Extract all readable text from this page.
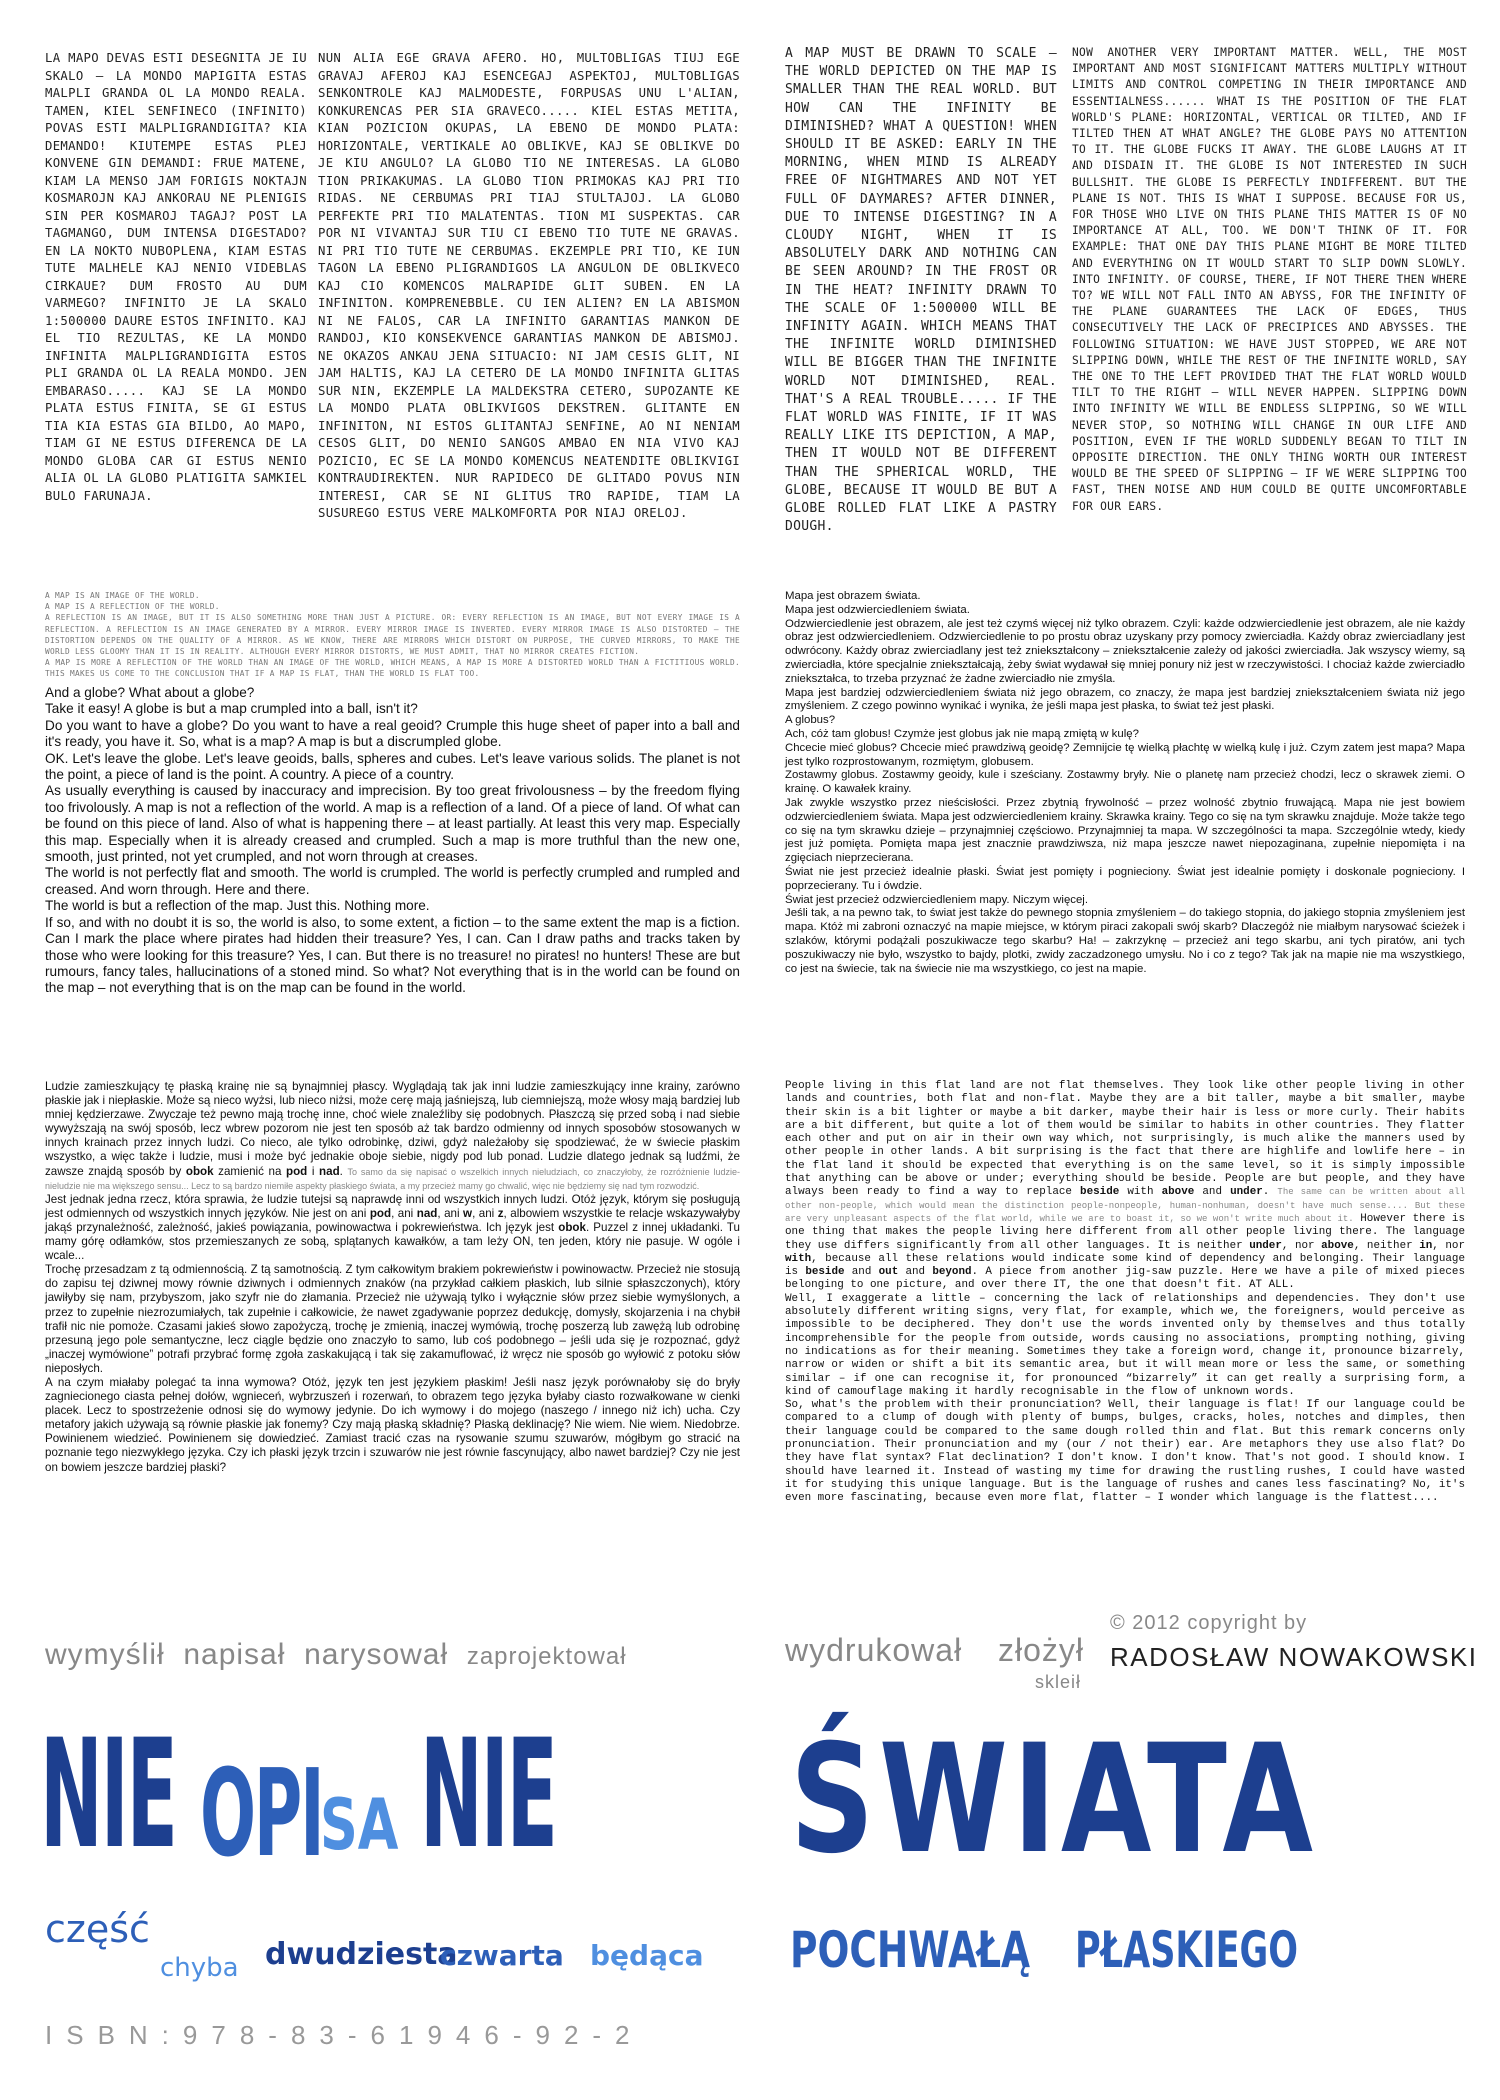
LA MAPO DEVAS ESTI DESEGNITA JE IU SKALO – LA MONDO MAPIGITA ESTAS MALPLI GRANDA OL LA MONDO REALA. TAMEN, KIEL SENFINECO (INFINITO) POVAS ESTI MALPLIGRANDIGITA? KIA DEMANDO! KIUTEMPE ESTAS PLEJ KONVENE GIN DEMANDI: FRUE MATENE, KIAM LA MENSO JAM FORIGIS NOKTAJN KOSMAROJN KAJ ANKORAU NE PLENIGIS SIN PER KOSMAROJ TAGAJ? POST LA TAGMANGO, DUM INTENSA DIGESTADO? EN LA NOKTO NUBOPLENA, KIAM ESTAS TUTE MALHELE KAJ NENIO VIDEBLAS CIRKAUE? DUM FROSTO AU DUM VARMEGO? INFINITO JE LA SKALO 1:500000 DAURE ESTOS INFINITO. KAJ EL TIO REZULTAS, KE LA MONDO INFINITA MALPLIGRANDIGITA ESTOS PLI GRANDA OL LA REALA MONDO. JEN EMBARASO..... KAJ SE LA MONDO PLATA ESTUS FINITA, SE GI ESTUS TIA KIA ESTAS GIA BILDO, AO MAPO, TIAM GI NE ESTUS DIFERENCA DE LA MONDO GLOBA CAR GI ESTUS NENIO ALIA OL LA GLOBO PLATIGITA SAMKIEL BULO FARUNAJA.

NUN ALIA EGE GRAVA AFERO. HO, MULTOBLIGAS TIUJ EGE GRAVAJ AFEROJ KAJ ESENCEGAJ ASPEKTOJ, MULTOBLIGAS SENKONTROLE KAJ MALMODESTE, FORPUSAS UNU L'ALIAN, KONKURENCAS PER SIA GRAVECO..... KIEL ESTAS METITA, KIAN POZICION OKUPAS, LA EBENO DE MONDO PLATA: HORIZONTALE, VERTIKALE AO OBLIKVE, KAJ SE OBLIKVE DO JE KIU ANGULO? LA GLOBO TIO NE INTERESAS. LA GLOBO TION PRIKAKUMAS. LA GLOBO TION PRIMOKAS KAJ PRI TIO RIDAS. NE CERBUMAS PRI TIAJ STULTAJOJ. LA GLOBO PERFEKTE PRI TIO MALATENTAS. TION MI SUSPEKTAS. CAR POR NI VIVANTAJ SUR TIU CI EBENO TIO TUTE NE GRAVAS. NI PRI TIO TUTE NE CERBUMAS. EKZEMPLE PRI TIO, KE IUN TAGON LA EBENO PLIGRANDIGOS LA ANGULON DE OBLIKVECO KAJ CIO KOMENCOS MALRAPIDE GLIT SUBEN. EN LA INFINITON. KOMPRENEBBLE. CU IEN ALIEN? EN LA ABISMON NI NE FALOS, CAR LA INFINITO GARANTIAS MANKON DE RANDOJ, KIO KONSEKVENCE GARANTIAS MANKON DE ABISMOJ. NE OKAZOS ANKAU JENA SITUACIO: NI JAM CESIS GLIT, NI JAM HALTIS, KAJ LA CETERO DE LA MONDO INFINITA GLITAS SUR NIN, EKZEMPLE LA MALDEKSTRA CETERO, SUPOZANTE KE LA MONDO PLATA OBLIKVIGOS DEKSTREN. GLITANTE EN INFINITON, NI ESTOS GLITANTAJ SENFINE, AO NI NENIAM CESOS GLIT, DO NENIO SANGOS AMBAO EN NIA VIVO KAJ POZICIO, EC SE LA MONDO KOMENCUS NEATENDITE OBLIKVIGI KONTRAUDIREKTEN. NUR RAPIDECO DE GLITADO POVUS NIN INTERESI, CAR SE NI GLITUS TRO RAPIDE, TIAM LA SUSUREGO ESTUS VERE MALKOMFORTA POR NIAJ ORELOJ.

A MAP MUST BE DRAWN TO SCALE – THE WORLD DEPICTED ON THE MAP IS SMALLER THAN THE REAL WORLD. BUT HOW CAN THE INFINITY BE DIMINISHED? WHAT A QUESTION! WHEN SHOULD IT BE ASKED: EARLY IN THE MORNING, WHEN MIND IS ALREADY FREE OF NIGHTMARES AND NOT YET FULL OF DAYMARES? AFTER DINNER, DUE TO INTENSE DIGESTING? IN A CLOUDY NIGHT, WHEN IT IS ABSOLUTELY DARK AND NOTHING CAN BE SEEN AROUND? IN THE FROST OR IN THE HEAT? INFINITY DRAWN TO THE SCALE OF 1:500000 WILL BE INFINITY AGAIN. WHICH MEANS THAT THE INFINITE WORLD DIMINISHED WILL BE BIGGER THAN THE INFINITE WORLD NOT DIMINISHED, REAL. THAT'S A REAL TROUBLE..... IF THE FLAT WORLD WAS FINITE, IF IT WAS REALLY LIKE ITS DEPICTION, A MAP, THEN IT WOULD NOT BE DIFFERENT THAN THE SPHERICAL WORLD, THE GLOBE, BECAUSE IT WOULD BE BUT A GLOBE ROLLED FLAT LIKE A PASTRY DOUGH.

NOW ANOTHER VERY IMPORTANT MATTER. WELL, THE MOST IMPORTANT AND MOST SIGNIFICANT MATTERS MULTIPLY WITHOUT LIMITS AND CONTROL COMPETING IN THEIR IMPORTANCE AND ESSENTIALNESS...... WHAT IS THE POSITION OF THE FLAT WORLD'S PLANE: HORIZONTAL, VERTICAL OR TILTED, AND IF TILTED THEN AT WHAT ANGLE? THE GLOBE PAYS NO ATTENTION TO IT. THE GLOBE FUCKS IT AWAY. THE GLOBE LAUGHS AT IT AND DISDAIN IT. THE GLOBE IS NOT INTERESTED IN SUCH BULLSHIT. THE GLOBE IS PERFECTLY INDIFFERENT. BUT THE PLANE IS NOT. THIS IS WHAT I SUPPOSE. BECAUSE FOR US, FOR THOSE WHO LIVE ON THIS PLANE THIS MATTER IS OF NO IMPORTANCE AT ALL, TOO. WE DON'T THINK OF IT. FOR EXAMPLE: THAT ONE DAY THIS PLANE MIGHT BE MORE TILTED AND EVERYTHING ON IT WOULD START TO SLIP DOWN SLOWLY. INTO INFINITY. OF COURSE, THERE, IF NOT THERE THEN WHERE TO? WE WILL NOT FALL INTO AN ABYSS, FOR THE INFINITY OF THE PLANE GUARANTEES THE LACK OF EDGES, THUS CONSECUTIVELY THE LACK OF PRECIPICES AND ABYSSES. THE FOLLOWING SITUATION: WE HAVE JUST STOPPED, WE ARE NOT SLIPPING DOWN, WHILE THE REST OF THE INFINITE WORLD, SAY THE ONE TO THE LEFT PROVIDED THAT THE FLAT WORLD WOULD TILT TO THE RIGHT – WILL NEVER HAPPEN. SLIPPING DOWN INTO INFINITY WE WILL BE ENDLESS SLIPPING, SO WE WILL NEVER STOP, SO NOTHING WILL CHANGE IN OUR LIFE AND POSITION, EVEN IF THE WORLD SUDDENLY BEGAN TO TILT IN OPPOSITE DIRECTION. THE ONLY THING WORTH OUR INTEREST WOULD BE THE SPEED OF SLIPPING – IF WE WERE SLIPPING TOO FAST, THEN NOISE AND HUM COULD BE QUITE UNCOMFORTABLE FOR OUR EARS.

A MAP IS AN IMAGE OF THE WORLD.

A MAP IS A REFLECTION OF THE WORLD.

A REFLECTION IS AN IMAGE, BUT IT IS ALSO SOMETHING MORE THAN JUST A PICTURE. OR: EVERY REFLECTION IS AN IMAGE, BUT NOT EVERY IMAGE IS A REFLECTION. A REFLECTION IS AN IMAGE GENERATED BY A MIRROR. EVERY MIRROR IMAGE IS INVERTED. EVERY MIRROR IMAGE IS ALSO DISTORTED – THE DISTORTION DEPENDS ON THE QUALITY OF A MIRROR. AS WE KNOW, THERE ARE MIRRORS WHICH DISTORT ON PURPOSE, THE CURVED MIRRORS, TO MAKE THE WORLD LESS GLOOMY THAN IT IS IN REALITY. ALTHOUGH EVERY MIRROR DISTORTS, WE MUST ADMIT, THAT NO MIRROR CREATES FICTION.

A MAP IS MORE A REFLECTION OF THE WORLD THAN AN IMAGE OF THE WORLD, WHICH MEANS, A MAP IS MORE A DISTORTED WORLD THAN A FICTITIOUS WORLD. THIS MAKES US COME TO THE CONCLUSION THAT IF A MAP IS FLAT, THAN THE WORLD IS FLAT TOO.

And a globe? What about a globe?

Take it easy! A globe is but a map crumpled into a ball, isn't it?

Do you want to have a globe? Do you want to have a real geoid? Crumple this huge sheet of paper into a ball and it's ready, you have it. So, what is a map? A map is but a discrumpled globe.

OK. Let's leave the globe. Let's leave geoids, balls, spheres and cubes. Let's leave various solids. The planet is not the point, a piece of land is the point. A country. A piece of a country.

As usually everything is caused by inaccuracy and imprecision. By too great frivolousness – by the freedom flying too frivolously. A map is not a reflection of the world. A map is a reflection of a land. Of a piece of land. Of what can be found on this piece of land. Also of what is happening there – at least partially. At least this very map. Especially this map. Especially when it is already creased and crumpled. Such a map is more truthful than the new one, smooth, just printed, not yet crumpled, and not worn through at creases.

The world is not perfectly flat and smooth. The world is crumpled. The world is perfectly crumpled and rumpled and creased. And worn through. Here and there.

The world is but a reflection of the map. Just this. Nothing more.

If so, and with no doubt it is so, the world is also, to some extent, a fiction – to the same extent the map is a fiction. Can I mark the place where pirates had hidden their treasure? Yes, I can. Can I draw paths and tracks taken by those who were looking for this treasure? Yes, I can. But there is no treasure! no pirates! no hunters! These are but rumours, fancy tales, hallucinations of a stoned mind. So what? Not everything that is in the world can be found on the map – not everything that is on the map can be found in the world.

Mapa jest obrazem świata.

Mapa jest odzwierciedleniem świata.

Odzwierciedlenie jest obrazem, ale jest też czymś więcej niż tylko obrazem. Czyli: każde odzwierciedlenie jest obrazem, ale nie każdy obraz jest odzwierciedleniem. Odzwierciedlenie to po prostu obraz uzyskany przy pomocy zwierciadła. Każdy obraz zwierciadlany jest odwrócony. Każdy obraz zwierciadlany jest też zniekształcony – zniekształcenie zależy od jakości zwierciadła. Jak wszyscy wiemy, są zwierciadła, które specjalnie zniekształcają, żeby świat wydawał się mniej ponury niż jest w rzeczywistości. I chociaż każde zwierciadło zniekształca, to trzeba przyznać że żadne zwierciadło nie zmyśla.

Mapa jest bardziej odzwierciedleniem świata niż jego obrazem, co znaczy, że mapa jest bardziej zniekształceniem świata niż jego zmyśleniem. Z czego powinno wynikać i wynika, że jeśli mapa jest płaska, to świat też jest płaski.

A globus?

Ach, cóż tam globus! Czymże jest globus jak nie mapą zmiętą w kulę?

Chcecie mieć globus? Chcecie mieć prawdziwą geoidę? Zemnijcie tę wielką płachtę w wielką kulę i już. Czym zatem jest mapa? Mapa jest tylko rozprostowanym, rozmiętym, globusem.

Zostawmy globus. Zostawmy geoidy, kule i sześciany. Zostawmy bryły. Nie o planetę nam przecież chodzi, lecz o skrawek ziemi. O krainę. O kawałek krainy.

Jak zwykle wszystko przez nieścisłości. Przez zbytnią frywolność – przez wolność zbytnio fruwającą. Mapa nie jest bowiem odzwierciedleniem świata. Mapa jest odzwierciedleniem krainy. Skrawka krainy. Tego co się na tym skrawku znajduje. Może także tego co się na tym skrawku dzieje – przynajmniej częściowo. Przynajmniej ta mapa. W szczególności ta mapa. Szczególnie wtedy, kiedy jest już pomięta. Pomięta mapa jest znacznie prawdziwsza, niż mapa jeszcze nawet niepozaginana, zupełnie niepomięta i na zgięciach nieprzecierana.

Świat nie jest przecież idealnie płaski. Świat jest pomięty i pognieciony. Świat jest idealnie pomięty i doskonale pognieciony. I poprzecierany. Tu i ówdzie.

Świat jest przecież odzwierciedleniem mapy. Niczym więcej.

Jeśli tak, a na pewno tak, to świat jest także do pewnego stopnia zmyśleniem – do takiego stopnia, do jakiego stopnia zmyśleniem jest mapa. Któż mi zabroni oznaczyć na mapie miejsce, w którym piraci zakopali swój skarb? Dlaczegóż nie miałbym narysować ścieżek i szlaków, którymi podążali poszukiwacze tego skarbu? Ha! – zakrzyknę – przecież ani tego skarbu, ani tych piratów, ani tych poszukiwaczy nie było, wszystko to bajdy, plotki, zwidy zaczadzonego umysłu. No i co z tego? Tak jak na mapie nie ma wszystkiego, co jest na świecie, tak na świecie nie ma wszystkiego, co jest na mapie.

Ludzie zamieszkujący tę płaską krainę nie są bynajmniej płascy. Wyglądają tak jak inni ludzie zamieszkujący inne krainy, zarówno płaskie jak i niepłaskie. Może są nieco wyżsi, lub nieco niżsi, może cerę mają jaśniejszą, lub ciemniejszą, może włosy mają bardziej lub mniej kędzierzawe. Zwyczaje też pewno mają trochę inne, choć wiele znaleźliby się podobnych. Płaszczą się przed sobą i nad siebie wywyższają na swój sposób, lecz wbrew pozorom nie jest ten sposób aż tak bardzo odmienny od innych sposobów stosowanych w innych krainach przez innych ludzi. Co nieco, ale tylko odrobinkę, dziwi, gdyż należałoby się spodziewać, że w świecie płaskim wszystko, a więc także i ludzie, musi i może być jednakie oboje siebie, nigdy pod lub ponad. Ludzie dlatego jednak są ludźmi, że zawsze znajdą sposób by obok zamienić na pod i nad. To samo da się napisać o wszelkich innych nieludziach, co znaczyłoby, że rozróżnienie ludzie-nieludzie nie ma większego sensu... Lecz to są bardzo niemiłe aspekty płaskiego świata, a my przecież mamy go chwalić, więc nie będziemy się nad tym rozwodzić.

Jest jednak jedna rzecz, która sprawia, że ludzie tutejsi są naprawdę inni od wszystkich innych ludzi. Otóż język, którym się posługują jest odmiennych od wszystkich innych języków. Nie jest on ani pod, ani nad, ani w, ani z, albowiem wszystkie te relacje wskazywałyby jakąś przynależność, zależność, jakieś powiązania, powinowactwa i pokrewieństwa. Ich język jest obok. Puzzel z innej układanki. Tu mamy górę odłamków, stos przemieszanych ze sobą, splątanych kawałków, a tam leży ON, ten jeden, który nie pasuje. W ogóle i wcale...

Trochę przesadzam z tą odmiennością. Z tą samotnością. Z tym całkowitym brakiem pokrewieństw i powinowactw. Przecież nie stosują do zapisu tej dziwnej mowy równie dziwnych i odmiennych znaków (na przykład całkiem płaskich, lub silnie spłaszczonych), który jawiłyby się nam, przybyszom, jako szyfr nie do złamania. Przecież nie używają tylko i wyłącznie słów przez siebie wymyślonych, a przez to zupełnie niezrozumiałych, tak zupełnie i całkowicie, że nawet zgadywanie poprzez dedukcję, domysły, skojarzenia i na chybił trafił nic nie pomoże. Czasami jakieś słowo zapożyczą, trochę je zmienią, inaczej wymówią, trochę poszerzą lub zawężą lub odrobinę przesuną jego pole semantyczne, lecz ciągle będzie ono znaczyło to samo, lub coś podobnego – jeśli uda się je rozpoznać, gdyż „inaczej wymówione” potrafi przybrać formę zgoła zaskakującą i tak się zakamuflować, iż wręcz nie sposób go wyłowić z potoku słów nieposłych.

A na czym miałaby polegać ta inna wymowa? Otóż, język ten jest językiem płaskim! Jeśli nasz język porównałoby się do bryły zagniecionego ciasta pełnej dołów, wgnieceń, wybrzuszeń i rozerwań, to obrazem tego języka byłaby ciasto rozwałkowane w cienki placek. Lecz to spostrzeżenie odnosi się do wymowy jedynie. Do ich wymowy i do mojego (naszego / innego niż ich) ucha. Czy metafory jakich używają są równie płaskie jak fonemy? Czy mają płaską składnię? Płaską deklinację? Nie wiem. Nie wiem. Niedobrze. Powinienem wiedzieć. Powinienem się dowiedzieć. Zamiast tracić czas na rysowanie szumu szuwarów, mógłbym go stracić na poznanie tego niezwykłego języka. Czy ich płaski język trzcin i szuwarów nie jest równie fascynujący, albo nawet bardziej? Czy nie jest on bowiem jeszcze bardziej płaski?

People living in this flat land are not flat themselves. They look like other people living in other lands and countries, both flat and non-flat. Maybe they are a bit taller, maybe a bit smaller, maybe their skin is a bit lighter or maybe a bit darker, maybe their hair is less or more curly. Their habits are a bit different, but quite a lot of them would be similar to habits in other countries. They flatter each other and put on air in their own way which, not surprisingly, is much alike the manners used by other people in other lands. A bit surprising is the fact that there are highlife and lowlife here – in the flat land it should be expected that everything is on the same level, so it is simply impossible that anything can be above or under; everything should be beside. People are but people, and they have always been ready to find a way to replace beside with above and under. The same can be written about all other non-people, which would mean the distinction people-nonpeople, human-nonhuman, doesn't have much sense.... But these are very unpleasant aspects of the flat world, while we are to boast it, so we won't write much about it. However there is one thing that makes the people living here different from all other people living there. The language they use differs significantly from all other languages. It is neither under, nor above, neither in, nor with, because all these relations would indicate some kind of dependency and belonging. Their language is beside and out and beyond. A piece from another jig-saw puzzle. Here we have a pile of mixed pieces belonging to one picture, and over there IT, the one that doesn't fit. AT ALL.

Well, I exaggerate a little – concerning the lack of relationships and dependencies. They don't use absolutely different writing signs, very flat, for example, which we, the foreigners, would perceive as impossible to be deciphered. They don't use the words invented only by themselves and thus totally incomprehensible for the people from outside, words causing no associations, prompting nothing, giving no indications as for their meaning. Sometimes they take a foreign word, change it, pronounce bizarrely, narrow or widen or shift a bit its semantic area, but it will mean more or less the same, or something similar – if one can recognise it, for pronounced “bizarrely” it can get really a surprising form, a kind of camouflage making it hardly recognisable in the flow of unknown words.

So, what's the problem with their pronunciation? Well, their language is flat! If our language could be compared to a clump of dough with plenty of bumps, bulges, cracks, holes, notches and dimples, then their language could be compared to the same dough rolled thin and flat. But this remark concerns only pronunciation. Their pronunciation and my (our / not their) ear. Are metaphors they use also flat? Do they have flat syntax? Flat declination? I don't know. I don't know. That's not good. I should know. I should have learned it. Instead of wasting my time for drawing the rustling rushes, I could have wasted it for studying this unique language. But is the language of rushes and canes less fascinating? No, it's even more fascinating, because even more flat, flatter – I wonder which language is the flattest....

wymyślił napisał narysował zaprojektował	wydrukował złożył
skleił
© 2012 copyright by
RADOSŁAW NOWAKOWSKI
NIE OPI
SA NIE
część
chyba dwudziesta
czwarta będąca
ISBN:978-83-61946-92-2
ŚWIATA
POCHWAŁĄ PŁASKIEGO
